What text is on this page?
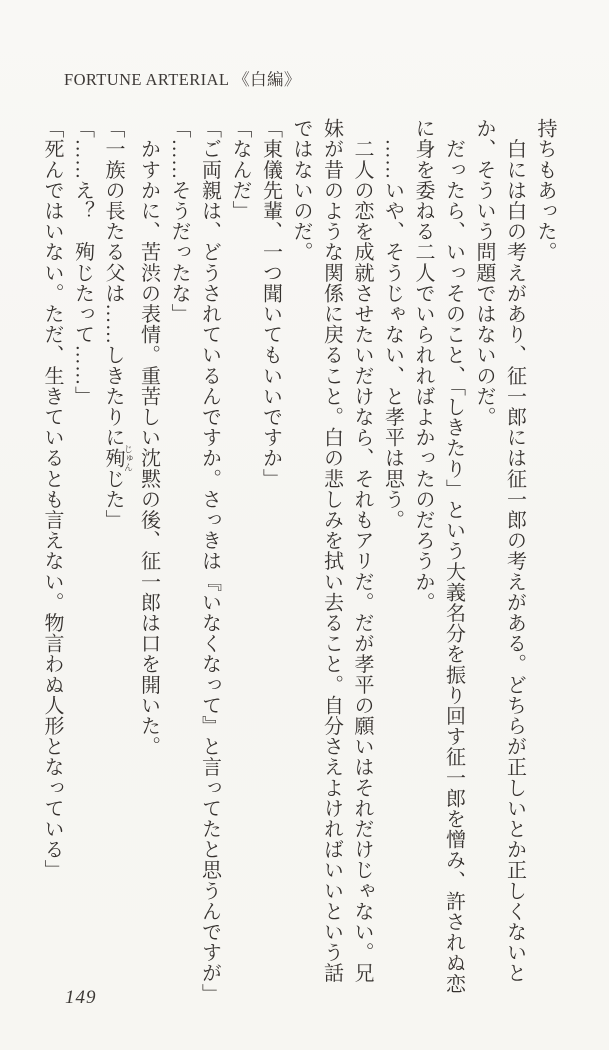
FORTUNE ARTERIAL 《白編》
持ちもあった。
　白には白の考えがあり、征一郎には征一郎の考えがある。どちらが正しいとか正しくないと
か、そういう問題ではないのだ。
　だったら、いっそのこと、「しきたり」という大義名分を振り回す征一郎を憎み、許されぬ恋
に身を委ねる二人でいられればよかったのだろうか。
　……いや、そうじゃない、と孝平は思う。
　二人の恋を成就させたいだけなら、それもアリだ。だが孝平の願いはそれだけじゃない。兄
妹が昔のような関係に戻ること。白の悲しみを拭い去ること。自分さえよければいいという話
ではないのだ。
「東儀先輩、一つ聞いてもいいですか」
「なんだ」
「ご両親は、どうされているんですか。さっきは『いなくなって』と言ってたと思うんですが」
「……そうだったな」
　かすかに、苦渋の表情。重苦しい沈黙の後、征一郎は口を開いた。
「一族の長たる父は……しきたりに殉 じゅんじた」
「……え？　殉じたって……」
「死んではいない。ただ、生きているとも言えない。物言わぬ人形となっている」
149
